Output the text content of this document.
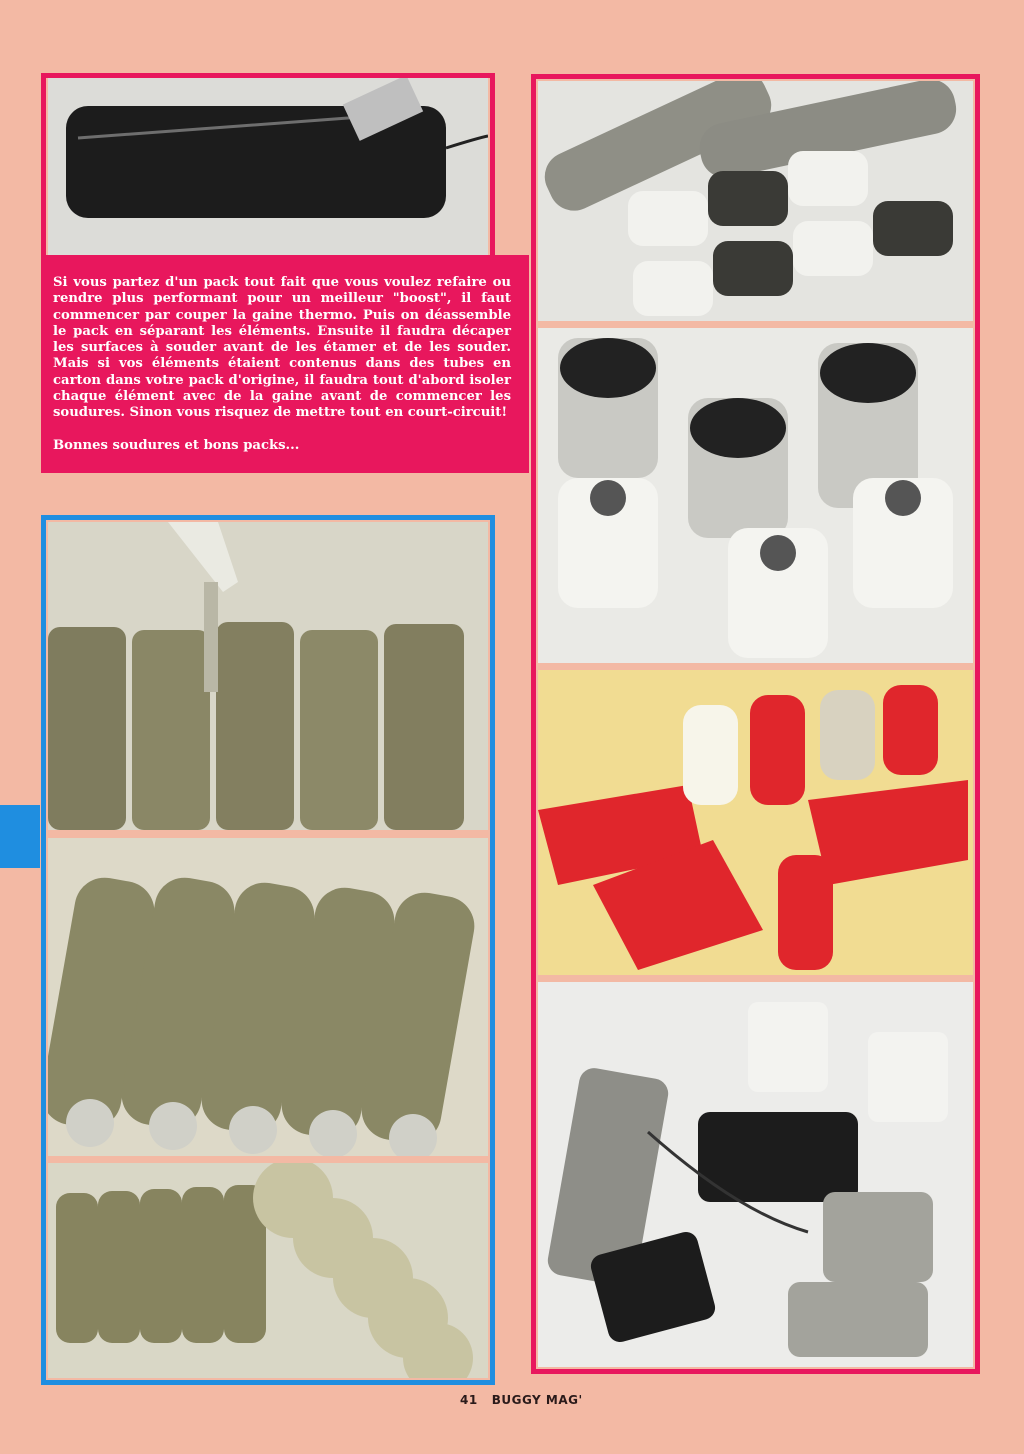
Si vous partez d'un pack tout fait que vous voulez refaire ou rendre plus performant pour un meilleur "boost", il faut commencer par couper la gaine thermo. Puis on déassemble le pack en séparant les éléments. Ensuite il faudra décaper les surfaces à souder avant de les étamer et de les souder. Mais si vos éléments étaient contenus dans des tubes en carton dans votre pack d'origine, il faudra tout d'abord isoler chaque élément avec de la gaine avant de commencer les soudures. Sinon vous risquez de mettre tout en court-circuit!

Bonnes soudures et bons packs...

41 BUGGY MAG'
